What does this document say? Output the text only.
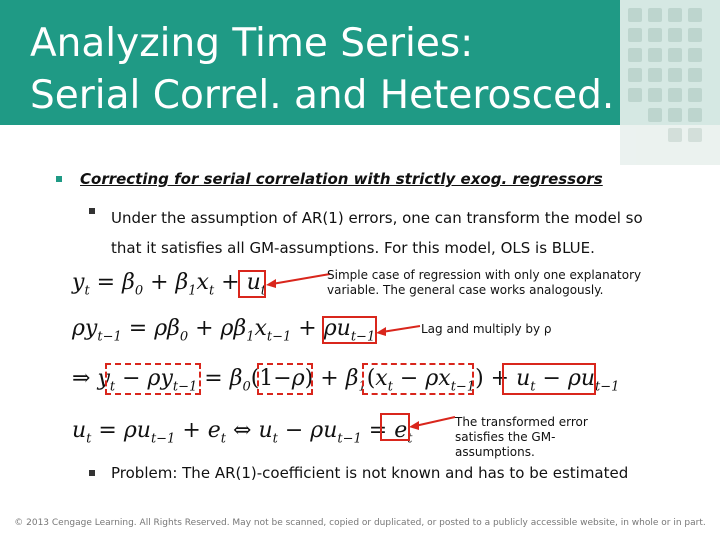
Analyzing Time Series:
Serial Correl. and Heterosced.
Correcting for serial correlation with strictly exog. regressors
Under the assumption of AR(1) errors, one can transform the model so that it satisfies all GM-assumptions. For this model, OLS is BLUE.
$y_t = \beta_0 + \beta_1x_t + u_t$
Simple case of regression with only one explanatory variable. The general case works analogously.
$\rho y_{t-1} = \rho\beta_0 + \rho\beta_1x_{t-1} + \rho u_{t-1}$
Lag and multiply by ρ
⇒ $y_t - \rho y_{t-1} = \beta_0(1-\rho) + \beta_1(x_t - \rho x_{t-1}) + u_t - \rho u_{t-1}$
$u_t = \rho u_{t-1} + e_t$ ⇔ $u_t - \rho u_{t-1} = e_t$
The transformed error satisfies the GM-assumptions.
Problem: The AR(1)-coefficient is not known and has to be estimated
© 2013 Cengage Learning. All Rights Reserved. May not be scanned, copied or duplicated, or posted to a publicly accessible website, in whole or in part.
